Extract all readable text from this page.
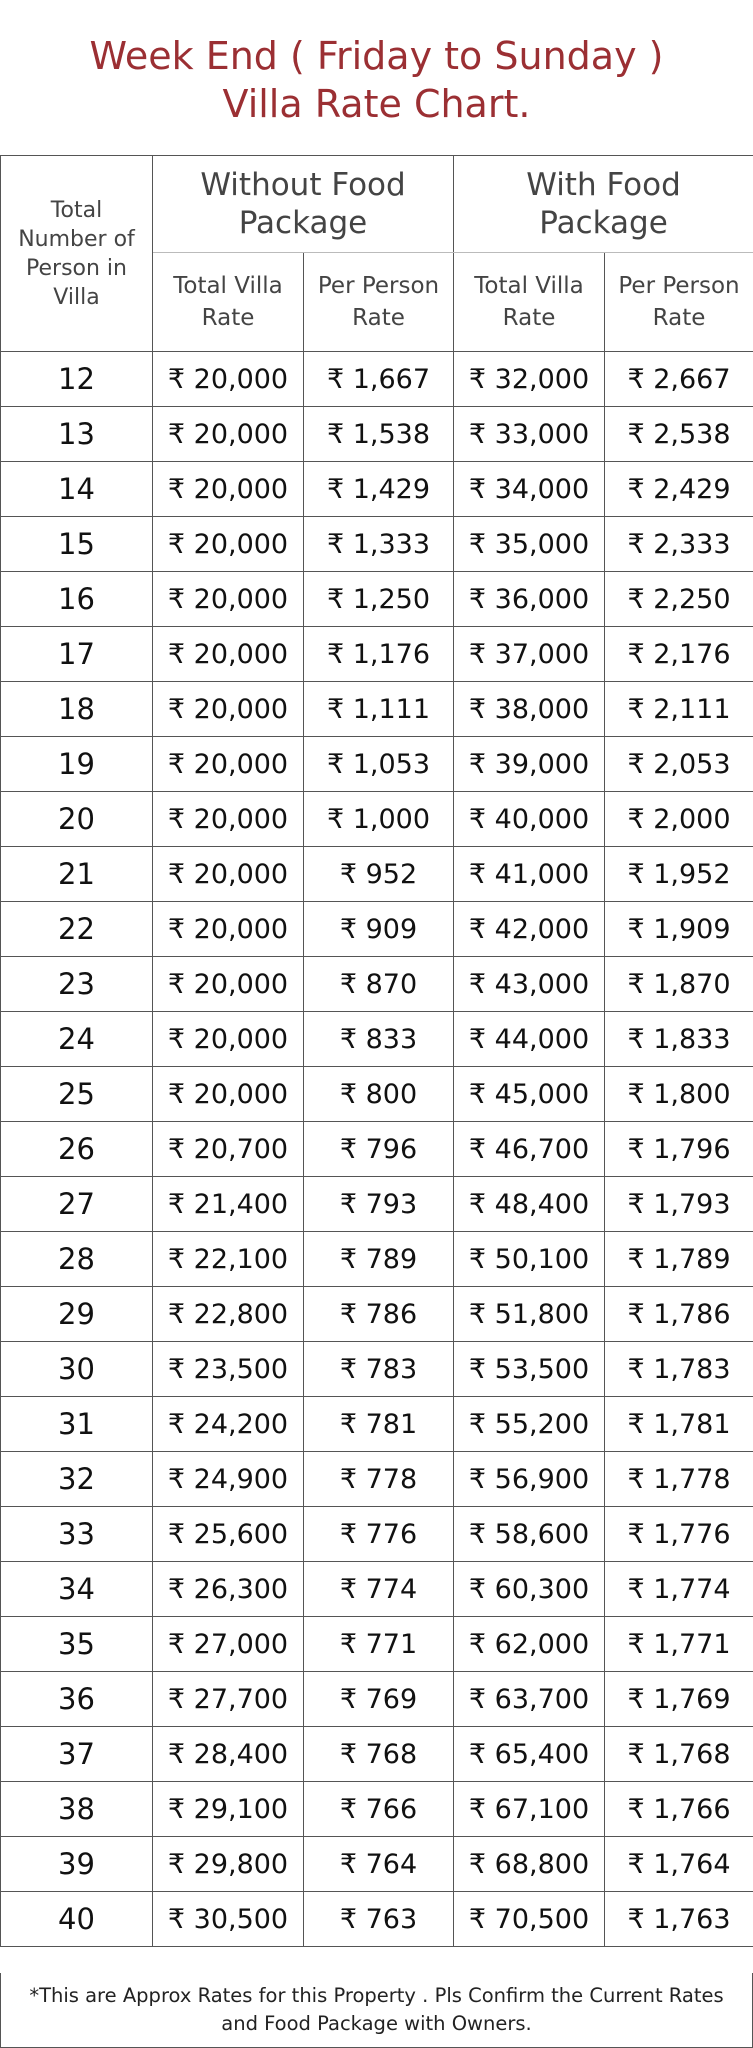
Week End ( Friday to Sunday )
Villa Rate Chart.
Total Number of Person in Villa	Without Food Package		With Food Package	

	Total Villa Rate	Per Person Rate	Total Villa Rate	Per Person Rate

12	₹ 20,000	₹ 1,667	₹ 32,000	₹ 2,667
13	₹ 20,000	₹ 1,538	₹ 33,000	₹ 2,538
14	₹ 20,000	₹ 1,429	₹ 34,000	₹ 2,429
15	₹ 20,000	₹ 1,333	₹ 35,000	₹ 2,333
16	₹ 20,000	₹ 1,250	₹ 36,000	₹ 2,250
17	₹ 20,000	₹ 1,176	₹ 37,000	₹ 2,176
18	₹ 20,000	₹ 1,111	₹ 38,000	₹ 2,111
19	₹ 20,000	₹ 1,053	₹ 39,000	₹ 2,053
20	₹ 20,000	₹ 1,000	₹ 40,000	₹ 2,000
21	₹ 20,000	₹ 952	₹ 41,000	₹ 1,952
22	₹ 20,000	₹ 909	₹ 42,000	₹ 1,909
23	₹ 20,000	₹ 870	₹ 43,000	₹ 1,870
24	₹ 20,000	₹ 833	₹ 44,000	₹ 1,833
25	₹ 20,000	₹ 800	₹ 45,000	₹ 1,800
26	₹ 20,700	₹ 796	₹ 46,700	₹ 1,796
27	₹ 21,400	₹ 793	₹ 48,400	₹ 1,793
28	₹ 22,100	₹ 789	₹ 50,100	₹ 1,789
29	₹ 22,800	₹ 786	₹ 51,800	₹ 1,786
30	₹ 23,500	₹ 783	₹ 53,500	₹ 1,783
31	₹ 24,200	₹ 781	₹ 55,200	₹ 1,781
32	₹ 24,900	₹ 778	₹ 56,900	₹ 1,778
33	₹ 25,600	₹ 776	₹ 58,600	₹ 1,776
34	₹ 26,300	₹ 774	₹ 60,300	₹ 1,774
35	₹ 27,000	₹ 771	₹ 62,000	₹ 1,771
36	₹ 27,700	₹ 769	₹ 63,700	₹ 1,769
37	₹ 28,400	₹ 768	₹ 65,400	₹ 1,768
38	₹ 29,100	₹ 766	₹ 67,100	₹ 1,766
39	₹ 29,800	₹ 764	₹ 68,800	₹ 1,764
40	₹ 30,500	₹ 763	₹ 70,500	₹ 1,763
*This are Approx Rates for this Property . Pls Confirm the Current Rates and Food Package with Owners.
